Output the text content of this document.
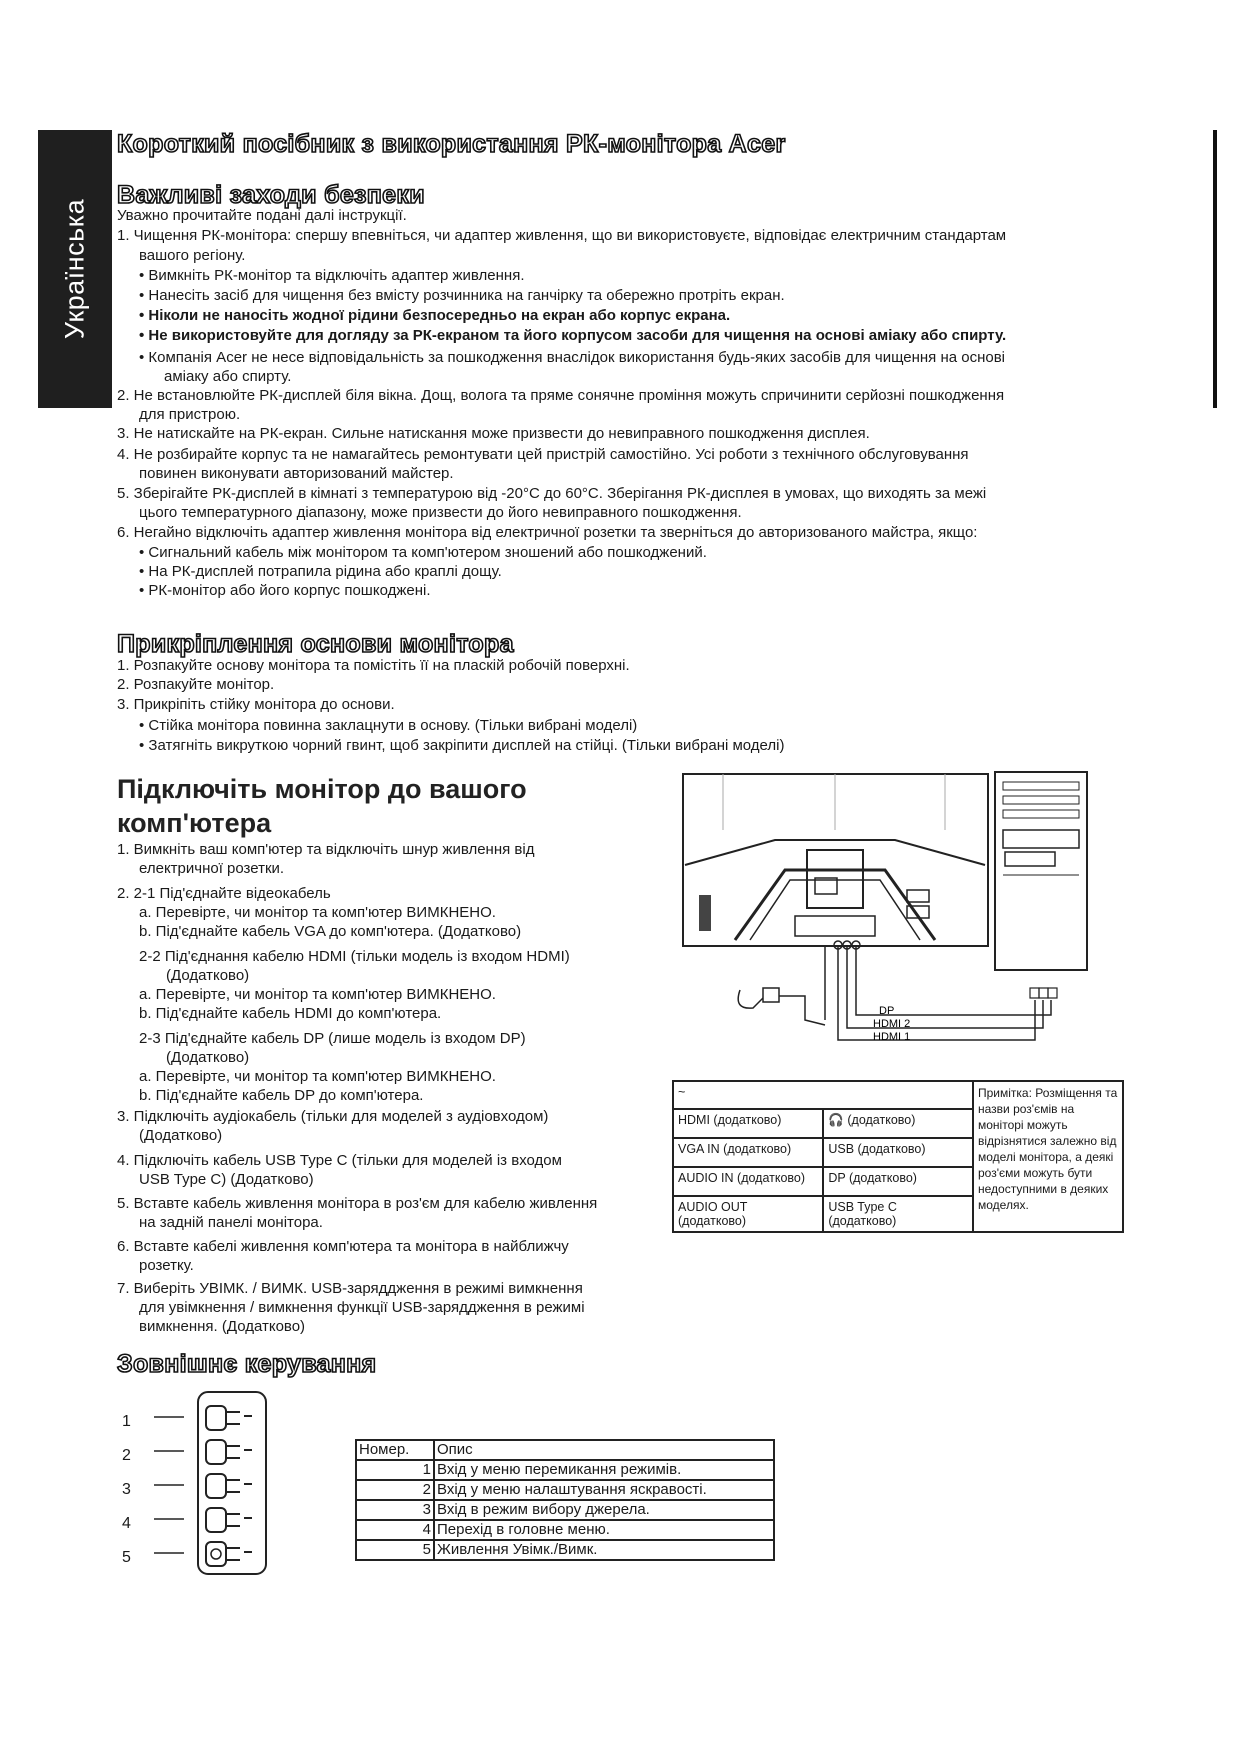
Українська
Короткий посібник з використання РК-монітора Acer
Важливі заходи безпеки
Уважно прочитайте подані далі інструкції.
1. Чищення РК-монітора: спершу впевніться, чи адаптер живлення, що ви використовуєте, відповідає електричним стандартам
вашого регіону.
• Вимкніть РК-монітор та відключіть адаптер живлення.
• Нанесіть засіб для чищення без вмісту розчинника на ганчірку та обережно протріть екран.
• Ніколи не наносіть жодної рідини безпосередньо на екран або корпус екрана.
• Не використовуйте для догляду за РК-екраном та його корпусом засоби для чищення на основі аміаку або спирту.
• Компанія Acer не несе відповідальність за пошкодження внаслідок використання будь-яких засобів для чищення на основі
аміаку або спирту.
2. Не встановлюйте РК-дисплей біля вікна. Дощ, волога та пряме сонячне проміння можуть спричинити серйозні пошкодження
для пристрою.
3. Не натискайте на РК-екран. Сильне натискання може призвести до невиправного пошкодження дисплея.
4. Не розбирайте корпус та не намагайтесь ремонтувати цей пристрій самостійно. Усі роботи з технічного обслуговування
повинен виконувати авторизований майстер.
5. Зберігайте РК-дисплей в кімнаті з температурою від -20°C до 60°C. Зберігання РК-дисплея в умовах, що виходять за межі
цього температурного діапазону, може призвести до його невиправного пошкодження.
6. Негайно відключіть адаптер живлення монітора від електричної розетки та зверніться до авторизованого майстра, якщо:
• Сигнальний кабель між монітором та комп'ютером зношений або пошкоджений.
• На РК-дисплей потрапила рідина або краплі дощу.
• РК-монітор або його корпус пошкоджені.
Прикріплення основи монітора
1. Розпакуйте основу монітора та помістіть її на пласкій робочій поверхні.
2. Розпакуйте монітор.
3. Прикріпіть стійку монітора до основи.
• Стійка монітора повинна заклацнути в основу. (Тільки вибрані моделі)
• Затягніть викруткою чорний гвинт, щоб закріпити дисплей на стійці. (Тільки вибрані моделі)
Підключіть монітор до вашого
комп'ютера
1. Вимкніть ваш комп'ютер та відключіть шнур живлення від
електричної розетки.
2. 2-1 Під'єднайте відеокабель
a. Перевірте, чи монітор та комп'ютер ВИМКНЕНО.
b. Під'єднайте кабель VGA до комп'ютера. (Додатково)
2-2 Під'єднання кабелю HDMI (тільки модель із входом HDMI)
(Додатково)
a. Перевірте, чи монітор та комп'ютер ВИМКНЕНО.
b. Під'єднайте кабель HDMI до комп'ютера.
2-3 Під'єднайте кабель DP (лише модель із входом DP)
(Додатково)
a. Перевірте, чи монітор та комп'ютер ВИМКНЕНО.
b. Під'єднайте кабель DP до комп'ютера.
3. Підключіть аудіокабель (тільки для моделей з аудіовходом)
(Додатково)
4. Підключіть кабель USB Type C (тільки для моделей із входом
USB Type C) (Додатково)
5. Вставте кабель живлення монітора в роз'єм для кабелю живлення
на задній панелі монітора.
6. Вставте кабелі живлення комп'ютера та монітора в найближчу
розетку.
7. Виберіть УВІМК. / ВИМК. USB-заряддження в режимі вимкнення
для увімкнення / вимкнення функції USB-заряддження в режимі
вимкнення. (Додатково)
DP
HDMI 2
HDMI 1
~		Примітка: Розміщення та назви роз'ємів на моніторі можуть відрізнятися залежно від моделі монітора, а деякі роз'єми можуть бути недоступними в деяких моделях.
HDMI (додатково)	🎧 (додатково)	
VGA IN (додатково)	USB (додатково)	
AUDIO IN (додатково)	DP (додатково)	
AUDIO OUT (додатково)	USB Type C (додатково)	
Зовнішнє керування
1
2
3
4
5
Номер.	Опис
1	Вхід у меню перемикання режимів.
2	Вхід у меню налаштування яскравості.
3	Вхід в режим вибору джерела.
4	Перехід в головне меню.
5	Живлення Увімк./Вимк.
